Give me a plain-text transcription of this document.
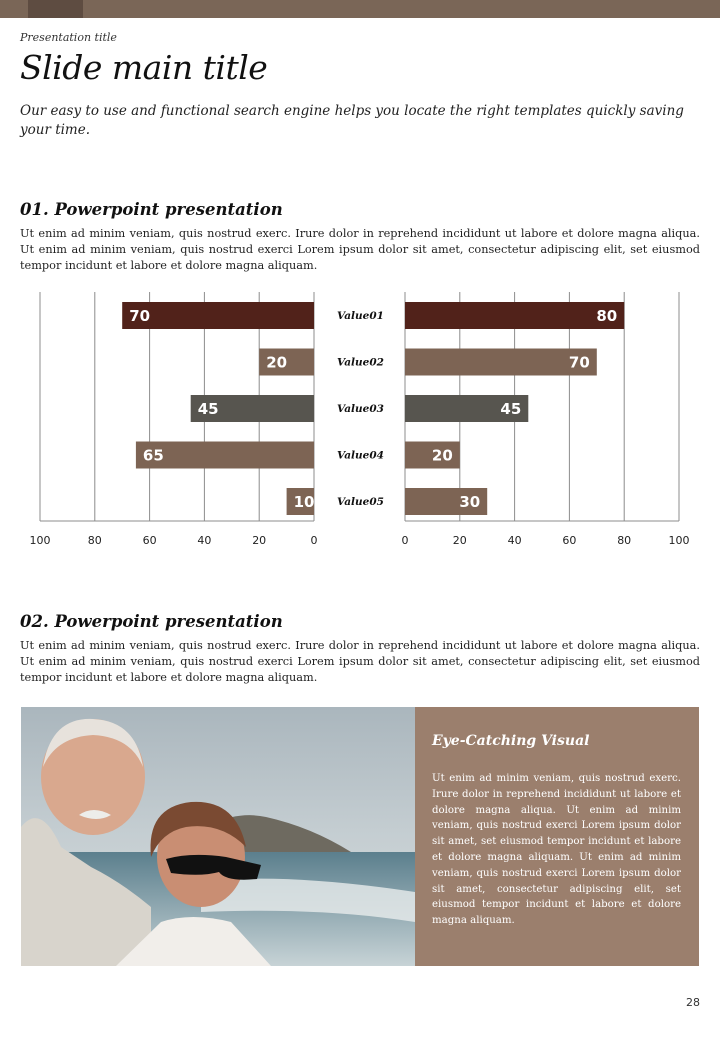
Presentation title
Slide main title
Our easy to use and functional search engine helps you locate the right templates quickly saving your time.
01. Powerpoint presentation
Ut enim ad minim veniam, quis nostrud exerc. Irure dolor in reprehend incididunt ut labore et dolore magna aliqua. Ut enim ad minim veniam, quis nostrud exerci Lorem ipsum dolor sit amet, consectetur adipiscing elit, set eiusmod tempor incidunt et labore et dolore magna aliquam.
0	0
20	20
40	40
60	60
80	80
100	100
70	80
Value01
20	70
Value02
45	45
Value03
65	20
Value04
10	30
Value05
02. Powerpoint presentation
Ut enim ad minim veniam, quis nostrud exerc. Irure dolor in reprehend incididunt ut labore et dolore magna aliqua. Ut enim ad minim veniam, quis nostrud exerci Lorem ipsum dolor sit amet, consectetur adipiscing elit, set eiusmod tempor incidunt et labore et dolore magna aliquam.
Eye-Catching Visual
Ut enim ad minim veniam, quis nostrud exerc. Irure dolor in reprehend incididunt ut labore et dolore magna aliqua. Ut enim ad minim veniam, quis nostrud exerci Lorem ipsum dolor sit amet, set eiusmod tempor incidunt et labore et dolore magna aliquam. Ut enim ad minim veniam, quis nostrud exerci Lorem ipsum dolor sit amet, consectetur adipiscing elit, set eiusmod tempor incidunt et labore et dolore magna aliquam.
28
